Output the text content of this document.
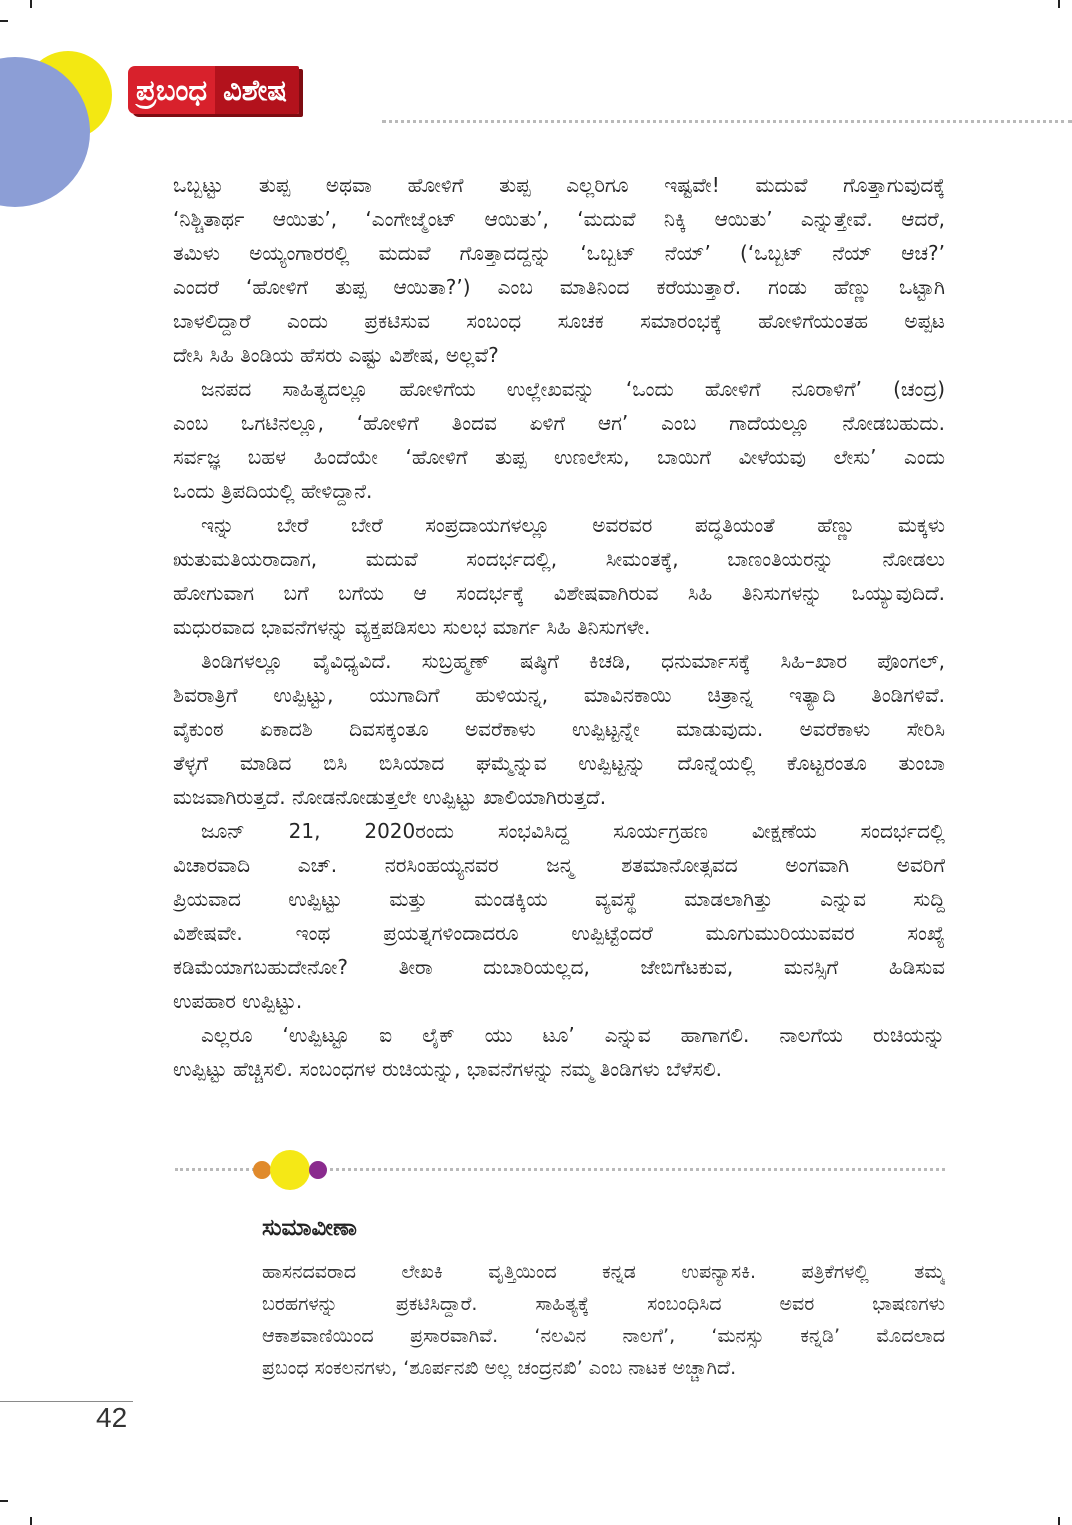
ಪ್ರಬಂಧ ವಿಶೇಷ
ಒಬ್ಬಟ್ಟು ತುಪ್ಪ ಅಥವಾ ಹೋಳಿಗೆ ತುಪ್ಪ ಎಲ್ಲರಿಗೂ ಇಷ್ಟವೇ! ಮದುವೆ ಗೊತ್ತಾಗುವುದಕ್ಕೆ
‘ನಿಶ್ಚಿತಾರ್ಥ ಆಯಿತು’, ‘ಎಂಗೇಜ್ಮೆಂಟ್ ಆಯಿತು’, ‘ಮದುವೆ ನಿಕ್ಕಿ ಆಯಿತು’ ಎನ್ನುತ್ತೇವೆ. ಆದರೆ,
ತಮಿಳು ಅಯ್ಯಂಗಾರರಲ್ಲಿ ಮದುವೆ ಗೊತ್ತಾದದ್ದನ್ನು ‘ಒಬ್ಬಟ್ ನೆಯ್’ (‘ಒಬ್ಬಟ್ ನೆಯ್ ಆಚ?’
ಎಂದರೆ ‘ಹೋಳಿಗೆ ತುಪ್ಪ ಆಯಿತಾ?’) ಎಂಬ ಮಾತಿನಿಂದ ಕರೆಯುತ್ತಾರೆ. ಗಂಡು ಹೆಣ್ಣು ಒಟ್ಟಾಗಿ
ಬಾಳಲಿದ್ದಾರೆ ಎಂದು ಪ್ರಕಟಿಸುವ ಸಂಬಂಧ ಸೂಚಕ ಸಮಾರಂಭಕ್ಕೆ ಹೋಳಿಗೆಯಂತಹ ಅಪ್ಪಟ
ದೇಸಿ ಸಿಹಿ ತಿಂಡಿಯ ಹೆಸರು ಎಷ್ಟು ವಿಶೇಷ, ಅಲ್ಲವೆ?
ಜನಪದ ಸಾಹಿತ್ಯದಲ್ಲೂ ಹೋಳಿಗೆಯ ಉಲ್ಲೇಖವನ್ನು ‘ಒಂದು ಹೋಳಿಗೆ ನೂರಾಳಿಗೆ’ (ಚಂದ್ರ)
ಎಂಬ ಒಗಟಿನಲ್ಲೂ, ‘ಹೋಳಿಗೆ ತಿಂದವ ಏಳಿಗೆ ಆಗ’ ಎಂಬ ಗಾದೆಯಲ್ಲೂ ನೋಡಬಹುದು.
ಸರ್ವಜ್ಞ ಬಹಳ ಹಿಂದೆಯೇ ‘ಹೋಳಿಗೆ ತುಪ್ಪ ಉಣಲೇಸು, ಬಾಯಿಗೆ ವೀಳೆಯವು ಲೇಸು’ ಎಂದು
ಒಂದು ತ್ರಿಪದಿಯಲ್ಲಿ ಹೇಳಿದ್ದಾನೆ.
ಇನ್ನು ಬೇರೆ ಬೇರೆ ಸಂಪ್ರದಾಯಗಳಲ್ಲೂ ಅವರವರ ಪದ್ಧತಿಯಂತೆ ಹೆಣ್ಣು ಮಕ್ಕಳು
ಋತುಮತಿಯರಾದಾಗ, ಮದುವೆ ಸಂದರ್ಭದಲ್ಲಿ, ಸೀಮಂತಕ್ಕೆ, ಬಾಣಂತಿಯರನ್ನು ನೋಡಲು
ಹೋಗುವಾಗ ಬಗೆ ಬಗೆಯ ಆ ಸಂದರ್ಭಕ್ಕೆ ವಿಶೇಷವಾಗಿರುವ ಸಿಹಿ ತಿನಿಸುಗಳನ್ನು ಒಯ್ಯುವುದಿದೆ.
ಮಧುರವಾದ ಭಾವನೆಗಳನ್ನು ವ್ಯಕ್ತಪಡಿಸಲು ಸುಲಭ ಮಾರ್ಗ ಸಿಹಿ ತಿನಿಸುಗಳೇ.
ತಿಂಡಿಗಳಲ್ಲೂ ವೈವಿಧ್ಯವಿದೆ. ಸುಬ್ರಹ್ಮಣ್ ಷಷ್ಠಿಗೆ ಕಿಚಡಿ, ಧನುರ್ಮಾಸಕ್ಕೆ ಸಿಹಿ–ಖಾರ ಪೊಂಗಲ್,
ಶಿವರಾತ್ರಿಗೆ ಉಪ್ಪಿಟ್ಟು, ಯುಗಾದಿಗೆ ಹುಳಿಯನ್ನ, ಮಾವಿನಕಾಯಿ ಚಿತ್ರಾನ್ನ ಇತ್ಯಾದಿ ತಿಂಡಿಗಳಿವೆ.
ವೈಕುಂಠ ಏಕಾದಶಿ ದಿವಸಕ್ಕಂತೂ ಅವರೆಕಾಳು ಉಪ್ಪಿಟ್ಟನ್ನೇ ಮಾಡುವುದು. ಅವರೆಕಾಳು ಸೇರಿಸಿ
ತೆಳ್ಳಗೆ ಮಾಡಿದ ಬಿಸಿ ಬಿಸಿಯಾದ ಘಮ್ಮೆನ್ನುವ ಉಪ್ಪಿಟ್ಟನ್ನು ದೊನ್ನೆಯಲ್ಲಿ ಕೊಟ್ಟರಂತೂ ತುಂಬಾ
ಮಜವಾಗಿರುತ್ತದೆ. ನೋಡನೋಡುತ್ತಲೇ ಉಪ್ಪಿಟ್ಟು ಖಾಲಿಯಾಗಿರುತ್ತದೆ.
ಜೂನ್ 21, 2020ರಂದು ಸಂಭವಿಸಿದ್ದ ಸೂರ್ಯಗ್ರಹಣ ವೀಕ್ಷಣೆಯ ಸಂದರ್ಭದಲ್ಲಿ
ವಿಚಾರವಾದಿ ಎಚ್. ನರಸಿಂಹಯ್ಯನವರ ಜನ್ಮ ಶತಮಾನೋತ್ಸವದ ಅಂಗವಾಗಿ ಅವರಿಗೆ
ಪ್ರಿಯವಾದ ಉಪ್ಪಿಟ್ಟು ಮತ್ತು ಮಂಡಕ್ಕಿಯ ವ್ಯವಸ್ಥೆ ಮಾಡಲಾಗಿತ್ತು ಎನ್ನುವ ಸುದ್ದಿ
ವಿಶೇಷವೇ. ಇಂಥ ಪ್ರಯತ್ನಗಳಿಂದಾದರೂ ಉಪ್ಪಿಟ್ಟೆಂದರೆ ಮೂಗುಮುರಿಯುವವರ ಸಂಖ್ಯೆ
ಕಡಿಮೆಯಾಗಬಹುದೇನೋ? ತೀರಾ ದುಬಾರಿಯಲ್ಲದ, ಜೇಬಿಗೆಟಕುವ, ಮನಸ್ಸಿಗೆ ಹಿಡಿಸುವ
ಉಪಹಾರ ಉಪ್ಪಿಟ್ಟು.
ಎಲ್ಲರೂ ‘ಉಪ್ಪಿಟ್ಟೂ ಐ ಲೈಕ್ ಯು ಟೂ’ ಎನ್ನುವ ಹಾಗಾಗಲಿ. ನಾಲಗೆಯ ರುಚಿಯನ್ನು
ಉಪ್ಪಿಟ್ಟು ಹೆಚ್ಚಿಸಲಿ. ಸಂಬಂಧಗಳ ರುಚಿಯನ್ನು, ಭಾವನೆಗಳನ್ನು ನಮ್ಮ ತಿಂಡಿಗಳು ಬೆಳೆಸಲಿ.
ಸುಮಾವೀಣಾ
ಹಾಸನದವರಾದ ಲೇಖಕಿ ವೃತ್ತಿಯಿಂದ ಕನ್ನಡ ಉಪನ್ಯಾಸಕಿ. ಪತ್ರಿಕೆಗಳಲ್ಲಿ ತಮ್ಮ
ಬರಹಗಳನ್ನು ಪ್ರಕಟಿಸಿದ್ದಾರೆ. ಸಾಹಿತ್ಯಕ್ಕೆ ಸಂಬಂಧಿಸಿದ ಅವರ ಭಾಷಣಗಳು
ಆಕಾಶವಾಣಿಯಿಂದ ಪ್ರಸಾರವಾಗಿವೆ. ‘ನಲವಿನ ನಾಲಗೆ’, ‘ಮನಸ್ಸು ಕನ್ನಡಿ’ ಮೊದಲಾದ
ಪ್ರಬಂಧ ಸಂಕಲನಗಳು, ‘ಶೂರ್ಪನಖಿ ಅಲ್ಲ ಚಂದ್ರನಖಿ’ ಎಂಬ ನಾಟಕ ಅಚ್ಚಾಗಿದೆ.
42
